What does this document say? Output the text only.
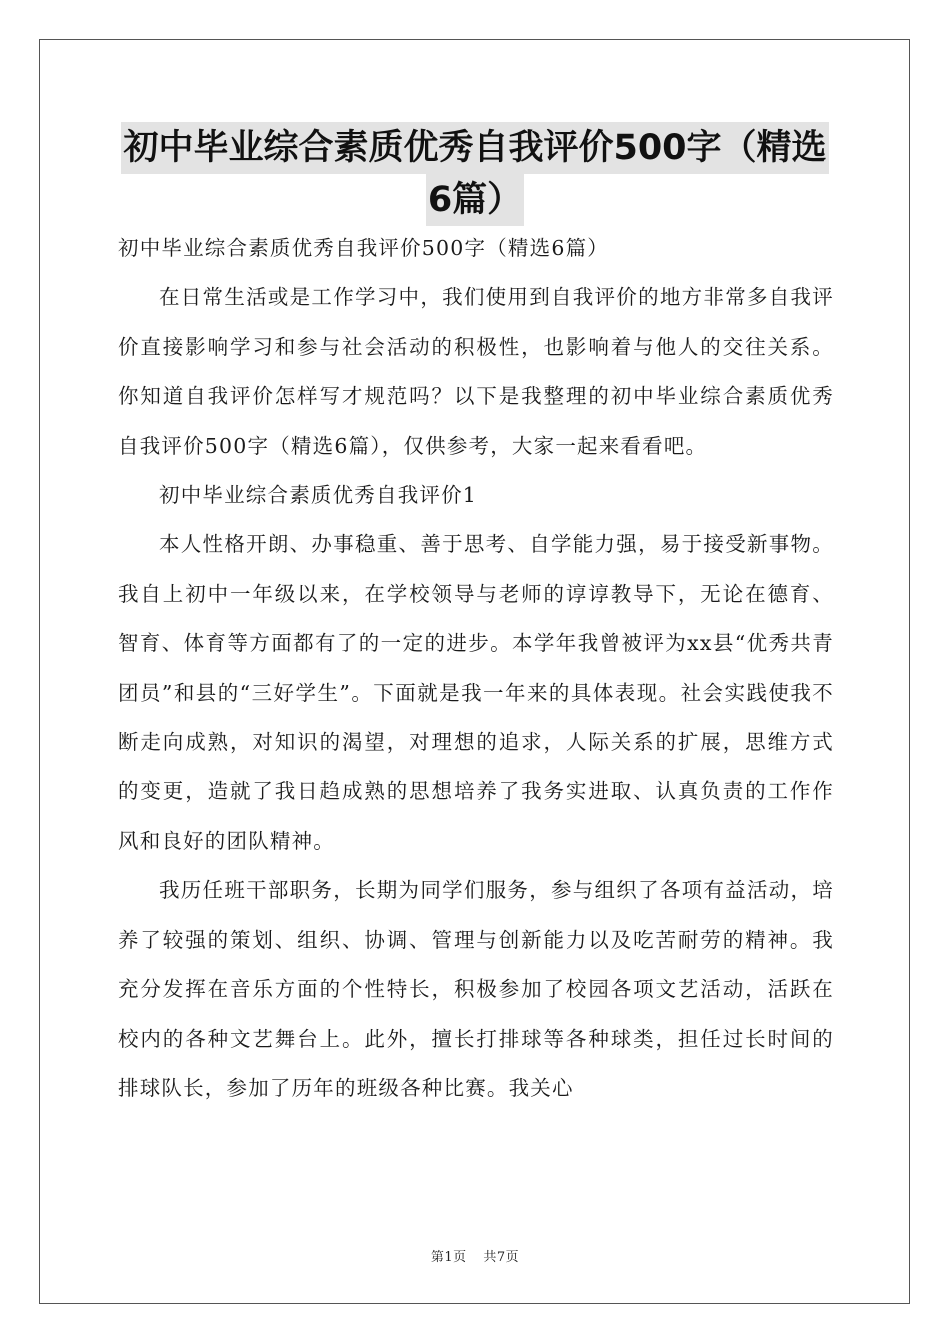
初中毕业综合素质优秀自我评价500字（精选
6篇）

初中毕业综合素质优秀自我评价500字（精选6篇）

在日常生活或是工作学习中，我们使用到自我评价的地方非常多自我评价直接影响学习和参与社会活动的积极性，也影响着与他人的交往关系。你知道自我评价怎样写才规范吗？以下是我整理的初中毕业综合素质优秀自我评价500字（精选6篇），仅供参考，大家一起来看看吧。

初中毕业综合素质优秀自我评价1

本人性格开朗、办事稳重、善于思考、自学能力强，易于接受新事物。我自上初中一年级以来，在学校领导与老师的谆谆教导下，无论在德育、智育、体育等方面都有了的一定的进步。本学年我曾被评为xx县“优秀共青团员”和县的“三好学生”。下面就是我一年来的具体表现。社会实践使我不断走向成熟，对知识的渴望，对理想的追求，人际关系的扩展，思维方式的变更，造就了我日趋成熟的思想培养了我务实进取、认真负责的工作作风和良好的团队精神。

我历任班干部职务，长期为同学们服务，参与组织了各项有益活动，培养了较强的策划、组织、协调、管理与创新能力以及吃苦耐劳的精神。我充分发挥在音乐方面的个性特长，积极参加了校园各项文艺活动，活跃在校内的各种文艺舞台上。此外，擅长打排球等各种球类，担任过长时间的排球队长，参加了历年的班级各种比赛。我关心

第1页 共7页
